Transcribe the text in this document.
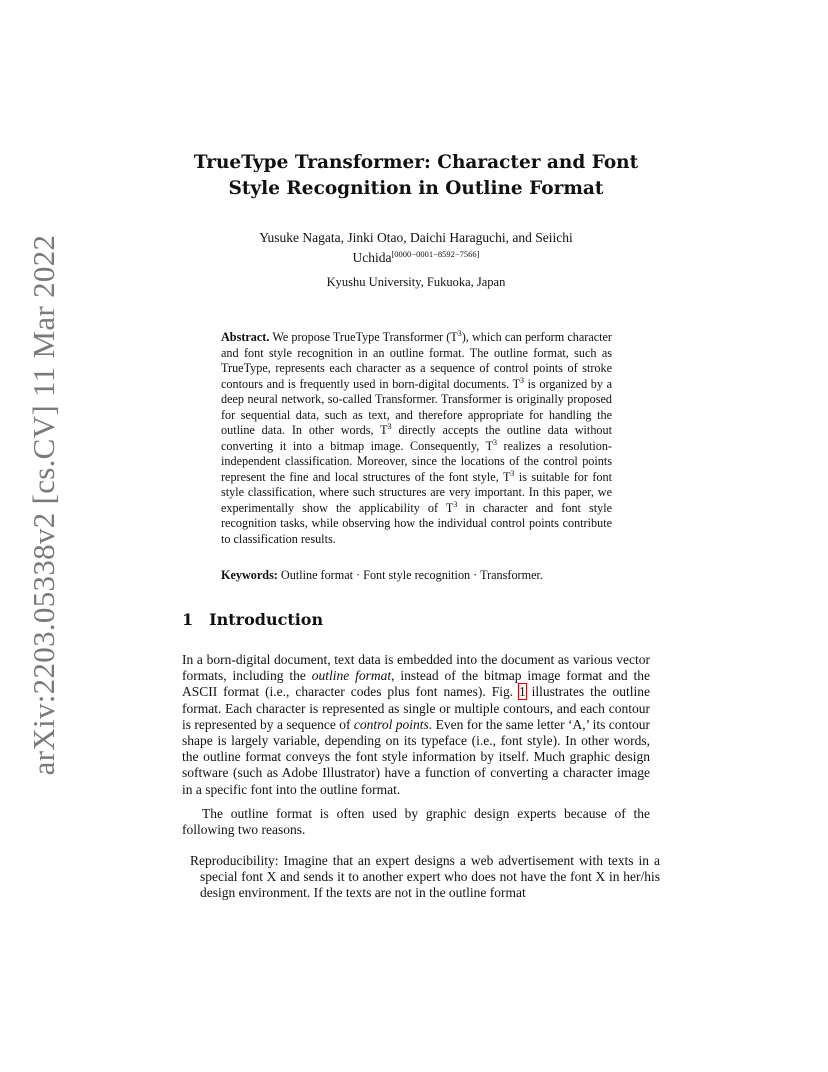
arXiv:2203.05338v2 [cs.CV] 11 Mar 2022
TrueType Transformer: Character and Font
Style Recognition in Outline Format
Yusuke Nagata, Jinki Otao, Daichi Haraguchi, and Seiichi
Uchida[0000−0001−8592−7566]
Kyushu University, Fukuoka, Japan
Abstract. We propose TrueType Transformer $(T^3)$, which can perform character and font style recognition in an outline format. The outline format, such as TrueType, represents each character as a sequence of control points of stroke contours and is frequently used in born-digital documents. $T^3$ is organized by a deep neural network, so-called Transformer. Transformer is originally proposed for sequential data, such as text, and therefore appropriate for handling the outline data. In other words, $T^3$ directly accepts the outline data without converting it into a bitmap image. Consequently, $T^3$ realizes a resolution-independent classification. Moreover, since the locations of the control points represent the fine and local structures of the font style, $T^3$ is suitable for font style classification, where such structures are very important. In this paper, we experimentally show the applicability of $T^3$ in character and font style recognition tasks, while observing how the individual control points contribute to classification results.
Keywords: Outline format · Font style recognition · Transformer.
1 Introduction
In a born-digital document, text data is embedded into the document as various vector formats, including the outline format, instead of the bitmap image format and the ASCII format (i.e., character codes plus font names). Fig. 1 illustrates the outline format. Each character is represented as single or multiple contours, and each contour is represented by a sequence of control points. Even for the same letter ‘A,’ its contour shape is largely variable, depending on its typeface (i.e., font style). In other words, the outline format conveys the font style information by itself. Much graphic design software (such as Adobe Illustrator) have a function of converting a character image in a specific font into the outline format.
The outline format is often used by graphic design experts because of the following two reasons.
Reproducibility: Imagine that an expert designs a web advertisement with texts in a special font X and sends it to another expert who does not have the font X in her/his design environment. If the texts are not in the outline format
